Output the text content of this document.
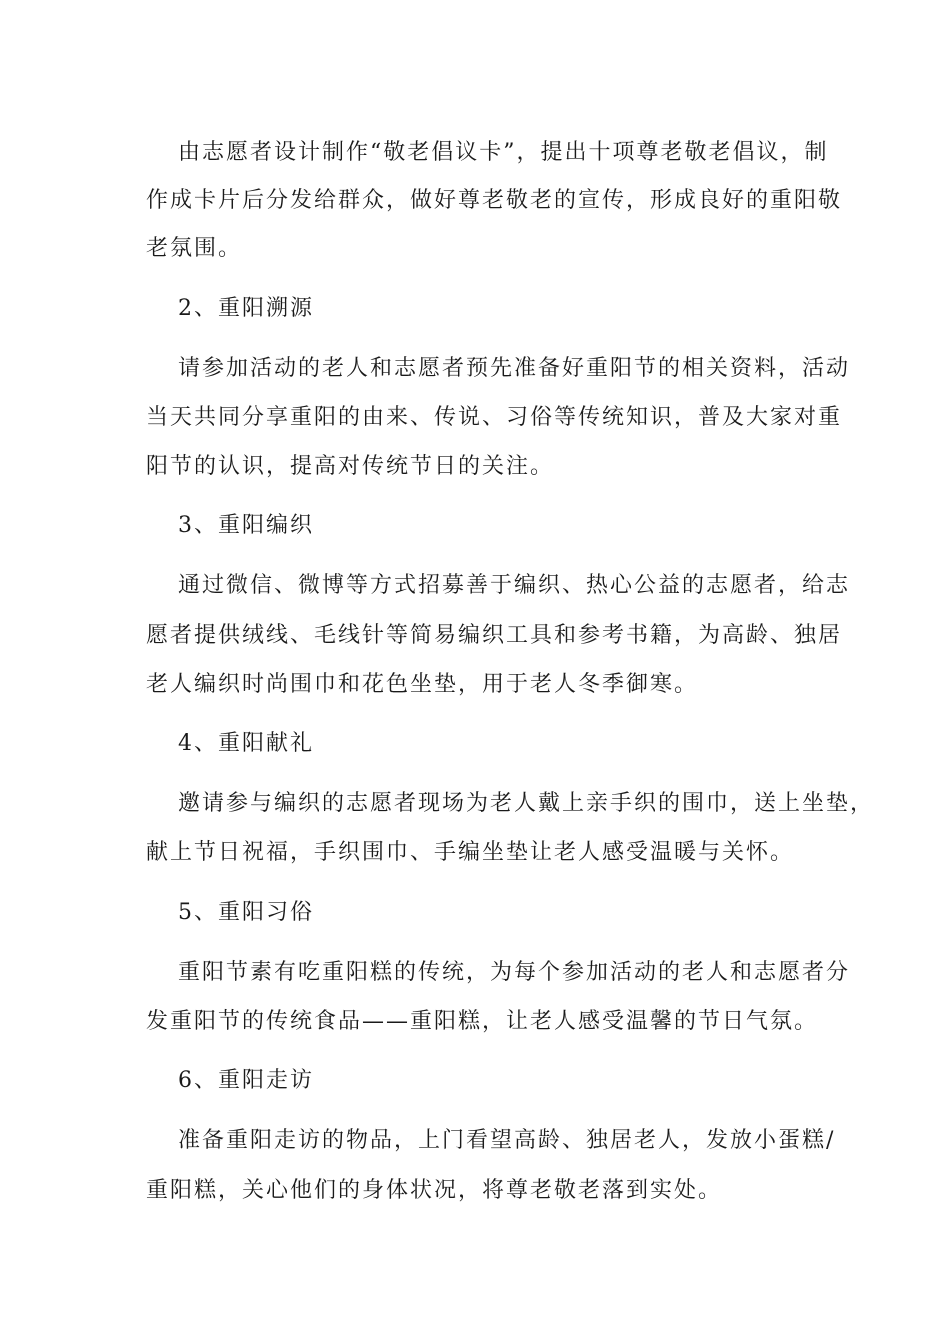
由志愿者设计制作“敬老倡议卡”，提出十项尊老敬老倡议，制
作成卡片后分发给群众，做好尊老敬老的宣传，形成良好的重阳敬
老氛围。
2、重阳溯源
请参加活动的老人和志愿者预先准备好重阳节的相关资料，活动
当天共同分享重阳的由来、传说、习俗等传统知识，普及大家对重
阳节的认识，提高对传统节日的关注。
3、重阳编织
通过微信、微博等方式招募善于编织、热心公益的志愿者，给志
愿者提供绒线、毛线针等简易编织工具和参考书籍，为高龄、独居
老人编织时尚围巾和花色坐垫，用于老人冬季御寒。
4、重阳献礼
邀请参与编织的志愿者现场为老人戴上亲手织的围巾，送上坐垫，
献上节日祝福，手织围巾、手编坐垫让老人感受温暖与关怀。
5、重阳习俗
重阳节素有吃重阳糕的传统，为每个参加活动的老人和志愿者分
发重阳节的传统食品——重阳糕，让老人感受温馨的节日气氛。
6、重阳走访
准备重阳走访的物品，上门看望高龄、独居老人，发放小蛋糕/
重阳糕，关心他们的身体状况，将尊老敬老落到实处。
